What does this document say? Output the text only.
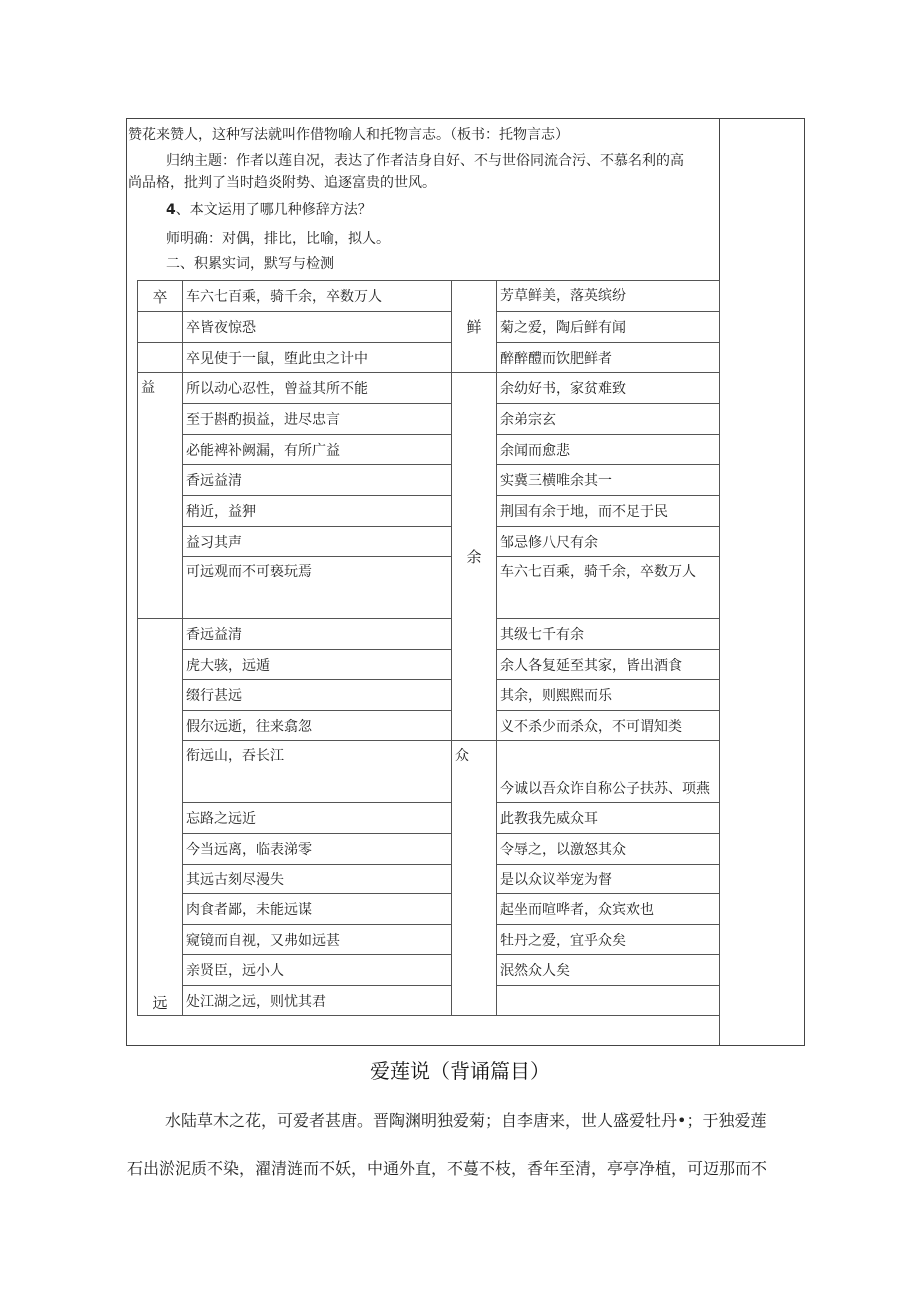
赞花来赞人，这种写法就叫作借物喻人和托物言志。（板书：托物言志）

归纳主题：作者以莲自况，表达了作者洁身自好、不与世俗同流合污、不慕名利的高

尚品格，批判了当时趋炎附势、追逐富贵的世风。

4、本文运用了哪几种修辞方法？

师明确：对偶，排比，比喻，拟人。

二、积累实词，默写与检测

卒	车六七百乘，骑千余，卒数万人	鲜	芳草鲜美，落英缤纷
	卒皆夜惊恐		菊之爱，陶后鲜有闻
	卒见使于一鼠，堕此虫之计中		醉醉醴而饮肥鲜者
益	所以动心忍性，曾益其所不能	余	余幼好书，家贫难致
	至于斟酌损益，进尽忠言		余弟宗玄
	必能裨补阙漏，有所广益		余闻而愈悲
	香远益清		实冀三横唯余其一
	稍近，益狎		荆国有余于地，而不足于民
	益习其声		邹忌修八尺有余
	可远观而不可亵玩焉		车六七百乘，骑千余，卒数万人
远	香远益清		其级七千有余
	虎大骇，远遁		余人各复延至其家，皆出酒食
	缀行甚远		其余，则熙熙而乐
	假尔远逝，往来翕忽		义不杀少而杀众，不可谓知类
	衔远山，吞长江	众	今诚以吾众诈自称公子扶苏、项燕
	忘路之远近		此教我先威众耳
	今当远离，临表涕零		令辱之，以激怒其众
	其远古刻尽漫失		是以众议举宠为督
	肉食者鄙，未能远谋		起坐而喧哗者，众宾欢也
	窥镜而自视，又弗如远甚		牡丹之爱，宜乎众矣
	亲贤臣，远小人		泯然众人矣
	处江湖之远，则忧其君		

爱莲说（背诵篇目）

水陆草木之花，可爱者甚唐。晋陶渊明独爱菊；自李唐来，世人盛爱牡丹•；于独爱莲

石出淤泥质不染，濯清涟而不妖，中通外直，不蔓不枝，香年至清，亭亭净植，可迈那而不
